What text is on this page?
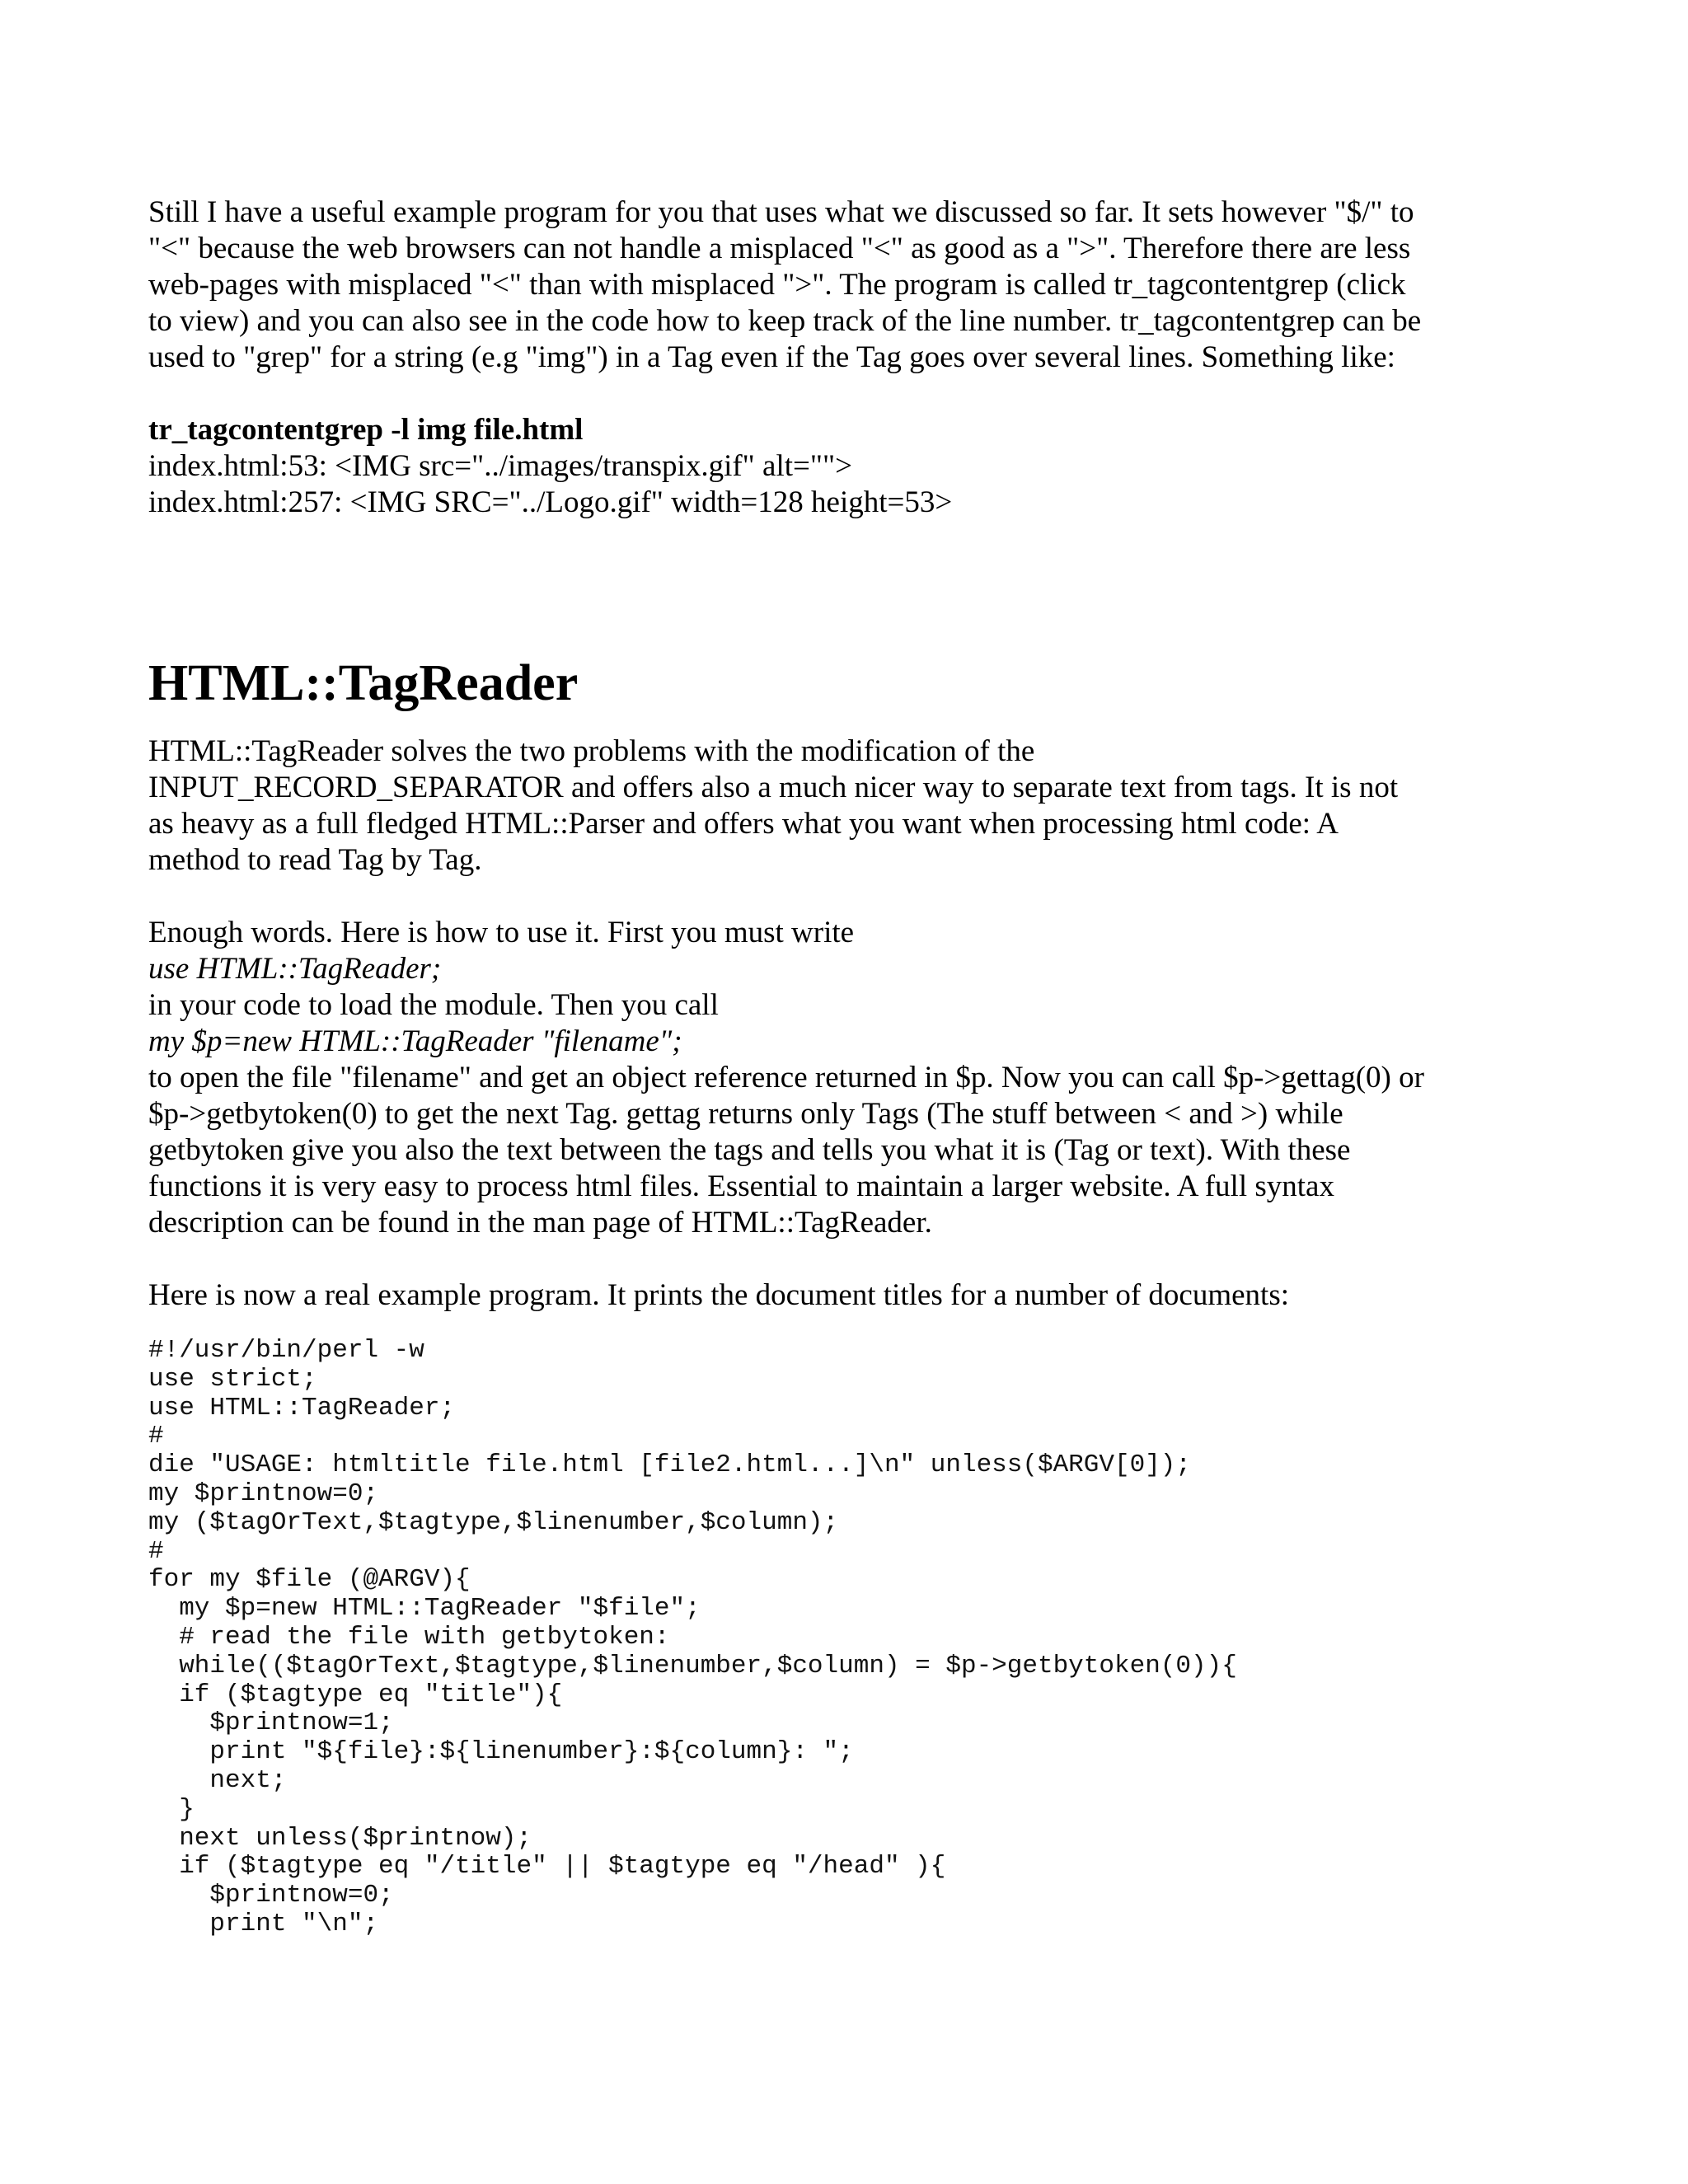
Still I have a useful example program for you that uses what we discussed so far. It sets however "$/" to
"<" because the web browsers can not handle a misplaced "<" as good as a ">". Therefore there are less
web-pages with misplaced "<" than with misplaced ">". The program is called tr_tagcontentgrep (click
to view) and you can also see in the code how to keep track of the line number. tr_tagcontentgrep can be
used to "grep" for a string (e.g "img") in a Tag even if the Tag goes over several lines. Something like:

tr_tagcontentgrep -l img file.html
index.html:53: <IMG src="../images/transpix.gif" alt="">
index.html:257: <IMG SRC="../Logo.gif" width=128 height=53>

HTML::TagReader

HTML::TagReader solves the two problems with the modification of the
INPUT_RECORD_SEPARATOR and offers also a much nicer way to separate text from tags. It is not
as heavy as a full fledged HTML::Parser and offers what you want when processing html code: A
method to read Tag by Tag.

Enough words. Here is how to use it. First you must write
use HTML::TagReader;
in your code to load the module. Then you call
my $p=new HTML::TagReader "filename";
to open the file "filename" and get an object reference returned in $p. Now you can call $p->gettag(0) or
$p->getbytoken(0) to get the next Tag. gettag returns only Tags (The stuff between < and >) while
getbytoken give you also the text between the tags and tells you what it is (Tag or text). With these
functions it is very easy to process html files. Essential to maintain a larger website. A full syntax
description can be found in the man page of HTML::TagReader.

Here is now a real example program. It prints the document titles for a number of documents:

#!/usr/bin/perl -w
use strict;
use HTML::TagReader;
#
die "USAGE: htmltitle file.html [file2.html...]\n" unless($ARGV[0]);
my $printnow=0;
my ($tagOrText,$tagtype,$linenumber,$column);
#
for my $file (@ARGV){
my $p=new HTML::TagReader "$file";
# read the file with getbytoken:
while(($tagOrText,$tagtype,$linenumber,$column) = $p->getbytoken(0)){
if ($tagtype eq "title"){
$printnow=1;
print "${file}:${linenumber}:${column}: ";
next;
}
next unless($printnow);
if ($tagtype eq "/title" || $tagtype eq "/head" ){
$printnow=0;
print "\n";
